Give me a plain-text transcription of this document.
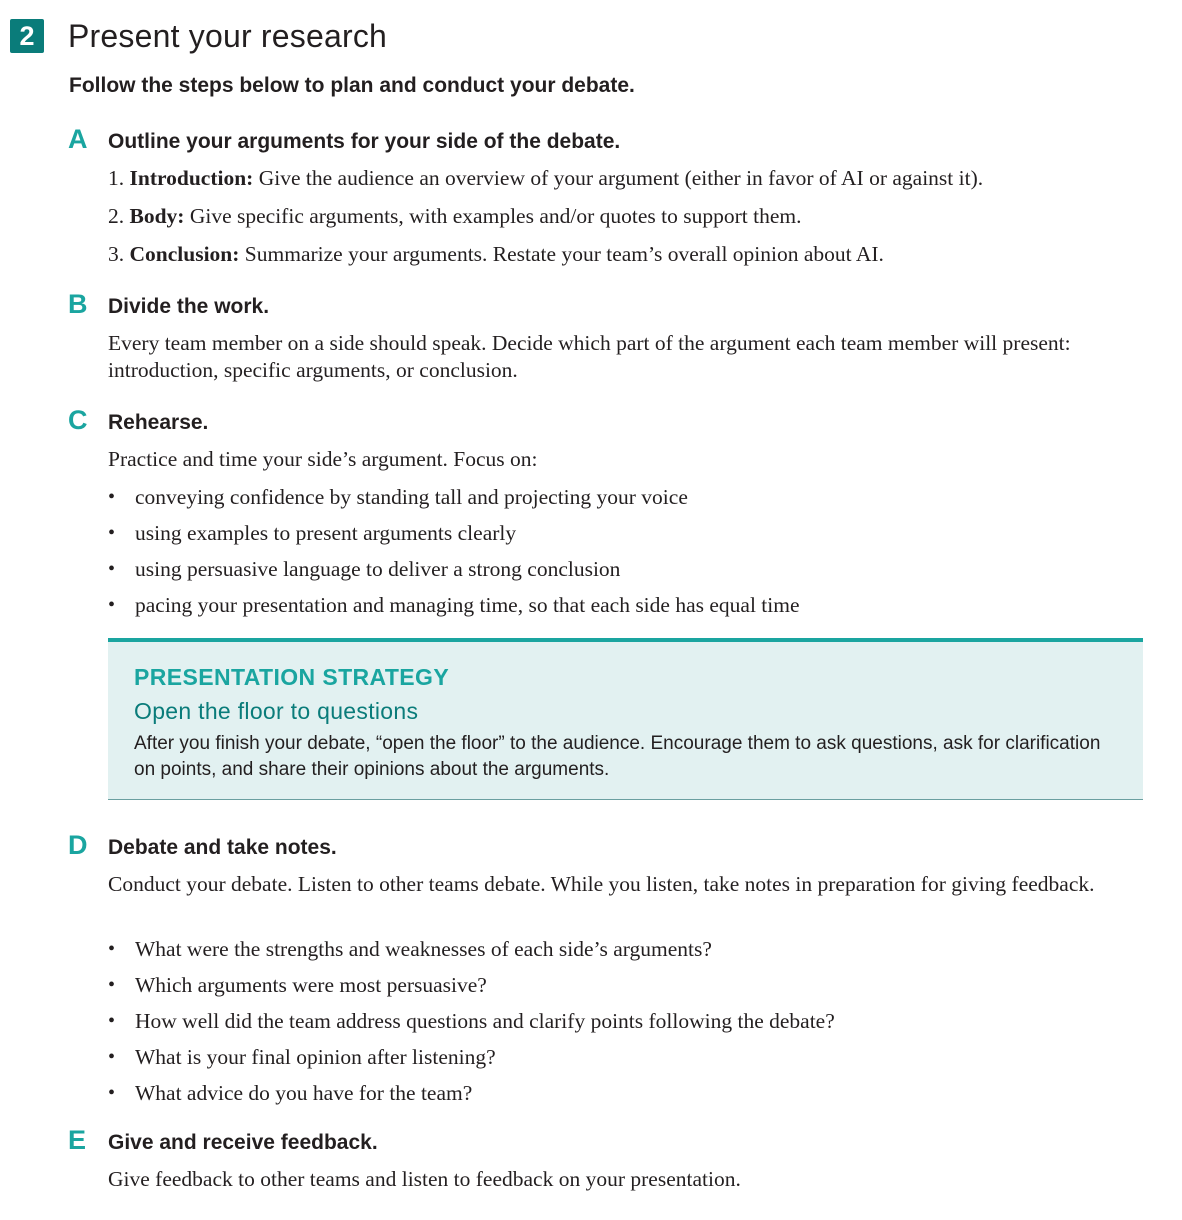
2 Present your research
Follow the steps below to plan and conduct your debate.
A Outline your arguments for your side of the debate.
1. Introduction: Give the audience an overview of your argument (either in favor of AI or against it).
2. Body: Give specific arguments, with examples and/or quotes to support them.
3. Conclusion: Summarize your arguments. Restate your team’s overall opinion about AI.
B Divide the work.
Every team member on a side should speak. Decide which part of the argument each team member will present: introduction, specific arguments, or conclusion.
C Rehearse.
Practice and time your side’s argument. Focus on:
• conveying confidence by standing tall and projecting your voice
• using examples to present arguments clearly
• using persuasive language to deliver a strong conclusion
• pacing your presentation and managing time, so that each side has equal time
PRESENTATION STRATEGY
Open the floor to questions
After you finish your debate, “open the floor” to the audience. Encourage them to ask questions, ask for clarification on points, and share their opinions about the arguments.
D Debate and take notes.
Conduct your debate. Listen to other teams debate. While you listen, take notes in preparation for giving feedback.
• What were the strengths and weaknesses of each side’s arguments?
• Which arguments were most persuasive?
• How well did the team address questions and clarify points following the debate?
• What is your final opinion after listening?
• What advice do you have for the team?
E	Give and receive feedback.
Give feedback to other teams and listen to feedback on your presentation.
